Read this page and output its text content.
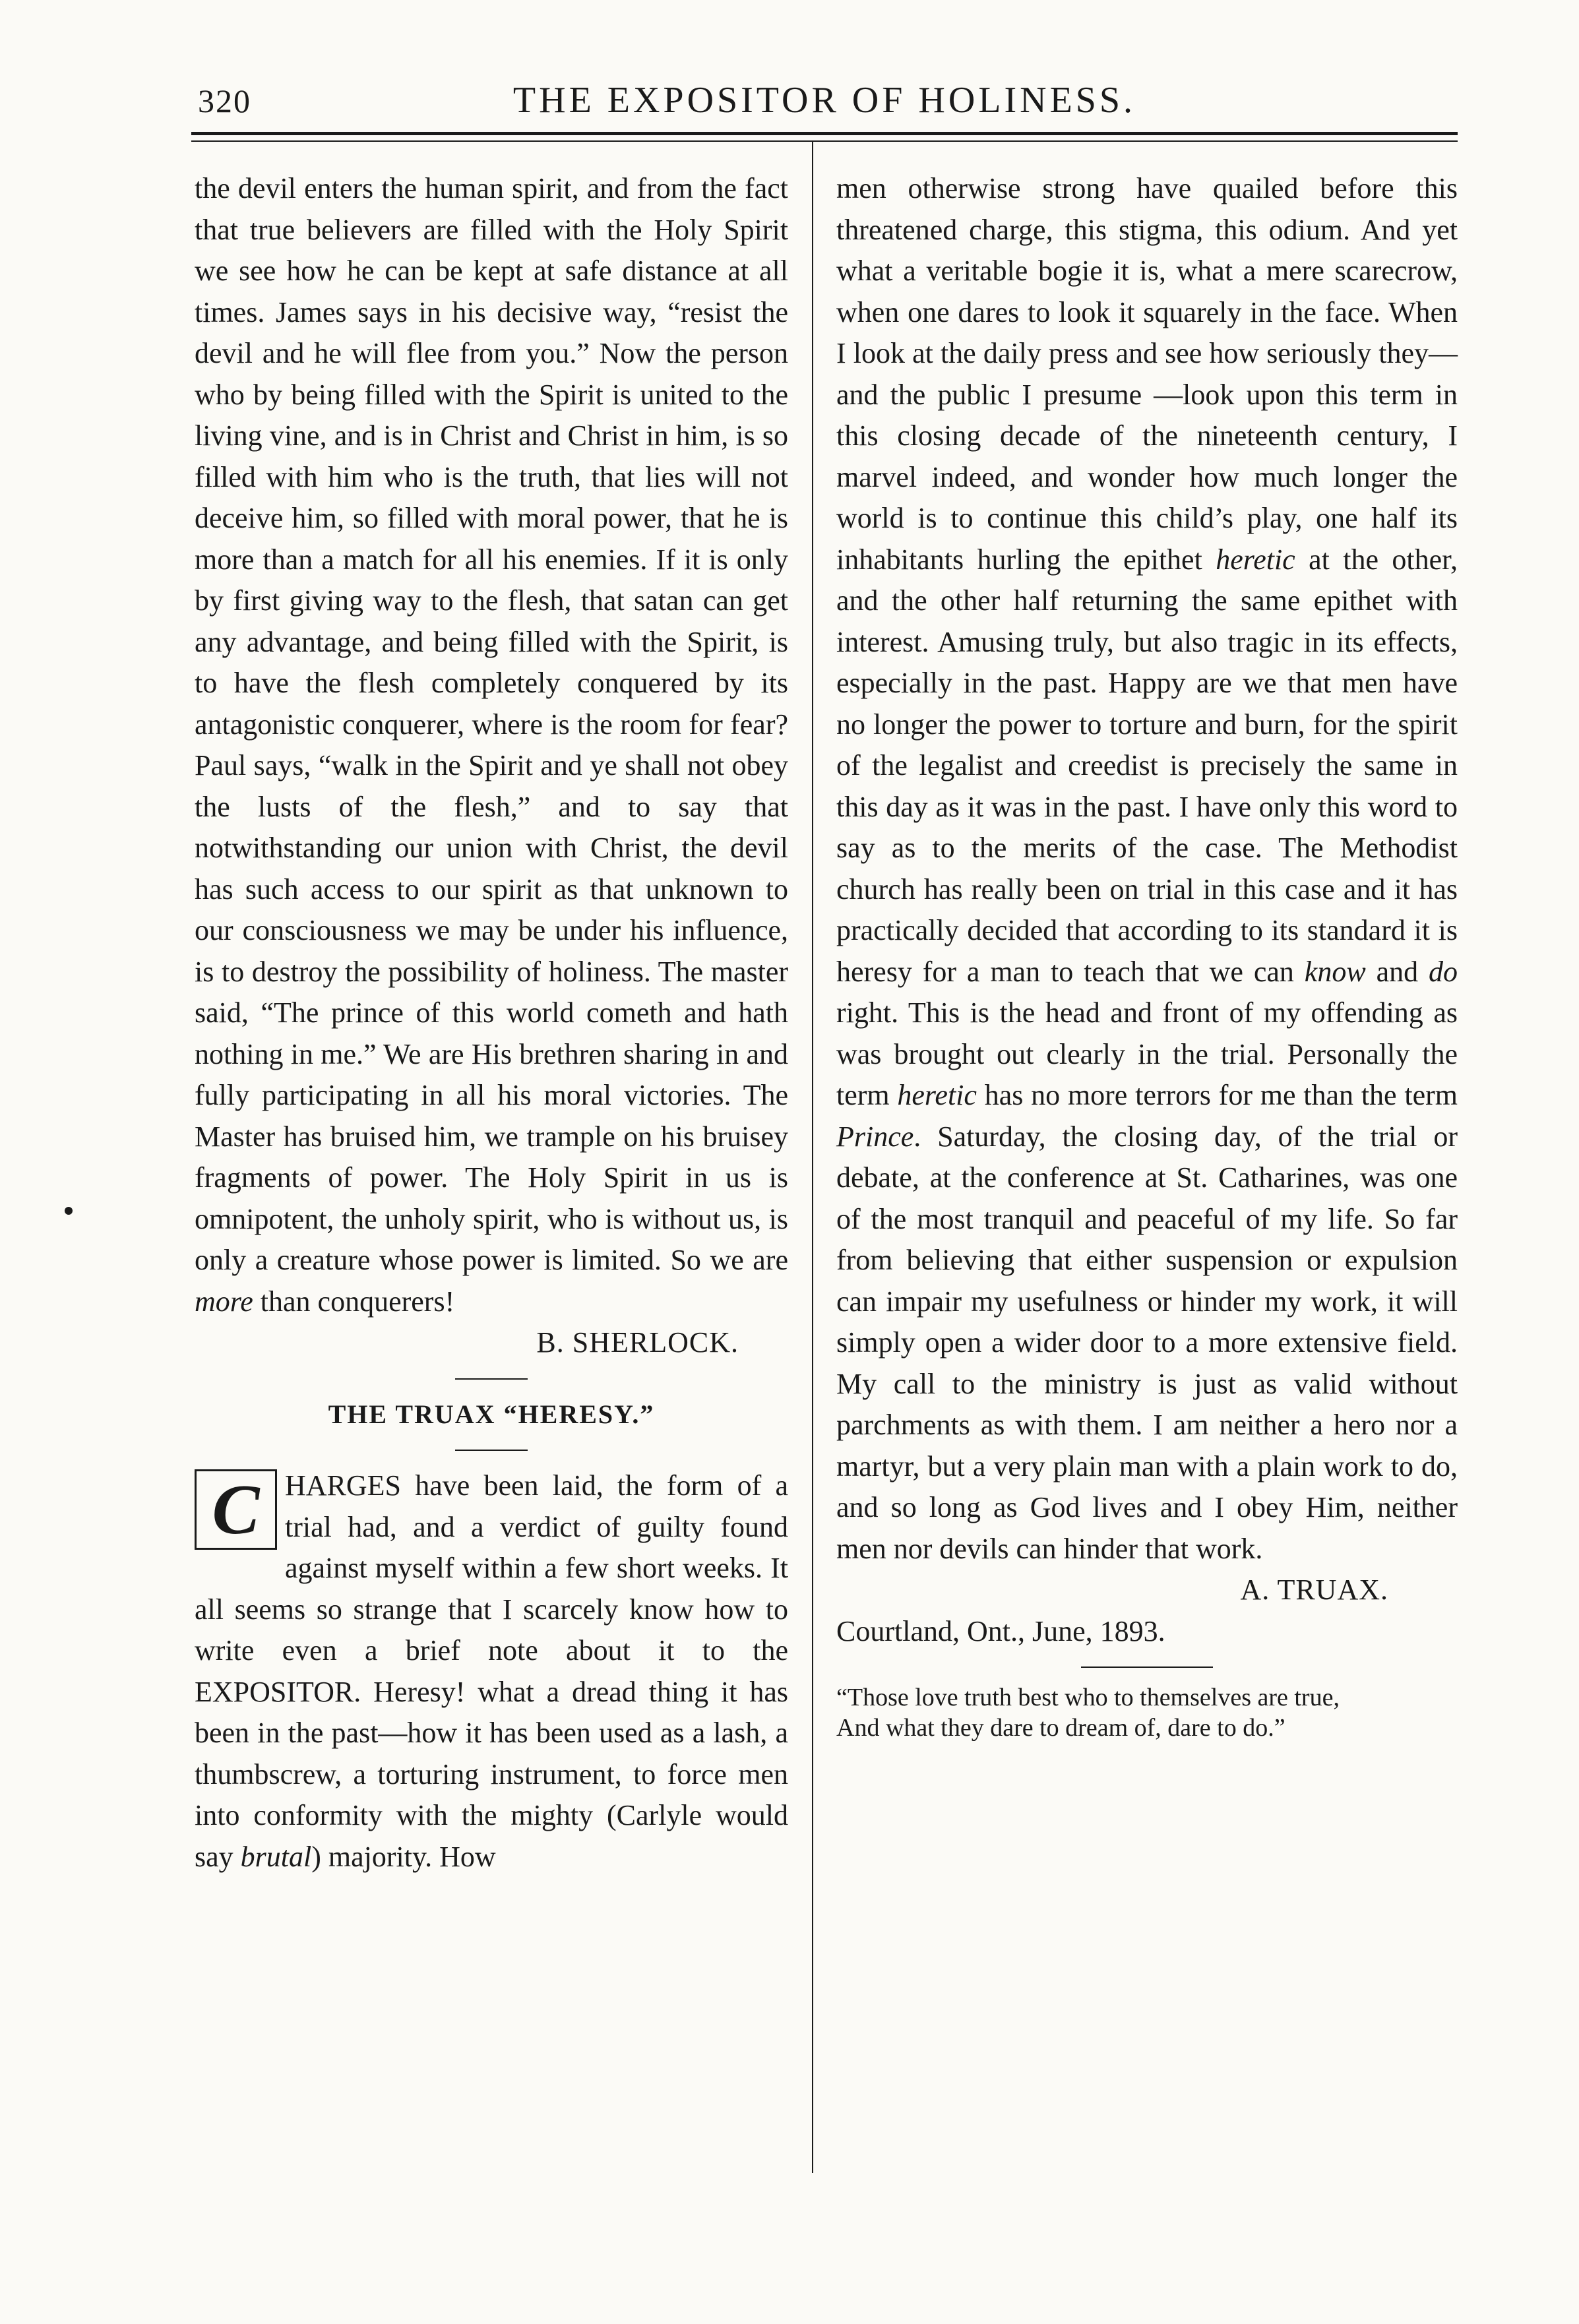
320	THE EXPOSITOR OF HOLINESS.

the devil enters the human spirit, and from the fact that true believers are filled with the Holy Spirit we see how he can be kept at safe distance at all times. James says in his decisive way, “resist the devil and he will flee from you.” Now the person who by being filled with the Spirit is united to the living vine, and is in Christ and Christ in him, is so filled with him who is the truth, that lies will not deceive him, so filled with moral power, that he is more than a match for all his enemies. If it is only by first giving way to the flesh, that satan can get any advantage, and being filled with the Spirit, is to have the flesh completely conquered by its antagonistic conquerer, where is the room for fear? Paul says, “walk in the Spirit and ye shall not obey the lusts of the flesh,” and to say that notwithstanding our union with Christ, the devil has such access to our spirit as that unknown to our consciousness we may be under his influence, is to destroy the possibility of holiness. The master said, “The prince of this world cometh and hath nothing in me.” We are His brethren sharing in and fully participating in all his moral victories. The Master has bruised him, we trample on his bruisey fragments of power. The Holy Spirit in us is omnipotent, the unholy spirit, who is without us, is only a creature whose power is limited. So we are more than conquerers!

B. SHERLOCK.

THE TRUAX “HERESY.”

C HARGES have been laid, the form of a trial had, and a verdict of guilty found against myself within a few short weeks. It all seems so strange that I scarcely know how to write even a brief note about it to the EXPOSITOR. Heresy! what a dread thing it has been in the past—how it has been used as a lash, a thumbscrew, a torturing instrument, to force men into conformity with the mighty (Carlyle would say brutal) majority. How

men otherwise strong have quailed before this threatened charge, this stigma, this odium. And yet what a veritable bogie it is, what a mere scarecrow, when one dares to look it squarely in the face. When I look at the daily press and see how seriously they—and the public I presume —look upon this term in this closing decade of the nineteenth century, I marvel indeed, and wonder how much longer the world is to continue this child’s play, one half its inhabitants hurling the epithet heretic at the other, and the other half returning the same epithet with interest. Amusing truly, but also tragic in its effects, especially in the past. Happy are we that men have no longer the power to torture and burn, for the spirit of the legalist and creedist is precisely the same in this day as it was in the past. I have only this word to say as to the merits of the case. The Methodist church has really been on trial in this case and it has practically decided that according to its standard it is heresy for a man to teach that we can know and do right. This is the head and front of my offending as was brought out clearly in the trial. Personally the term heretic has no more terrors for me than the term Prince. Saturday, the closing day, of the trial or debate, at the conference at St. Catharines, was one of the most tranquil and peaceful of my life. So far from believing that either suspension or expulsion can impair my usefulness or hinder my work, it will simply open a wider door to a more extensive field. My call to the ministry is just as valid without parchments as with them. I am neither a hero nor a martyr, but a very plain man with a plain work to do, and so long as God lives and I obey Him, neither men nor devils can hinder that work.

A. TRUAX.

Courtland, Ont., June, 1893.

“Those love truth best who to themselves are true,

And what they dare to dream of, dare to do.”
